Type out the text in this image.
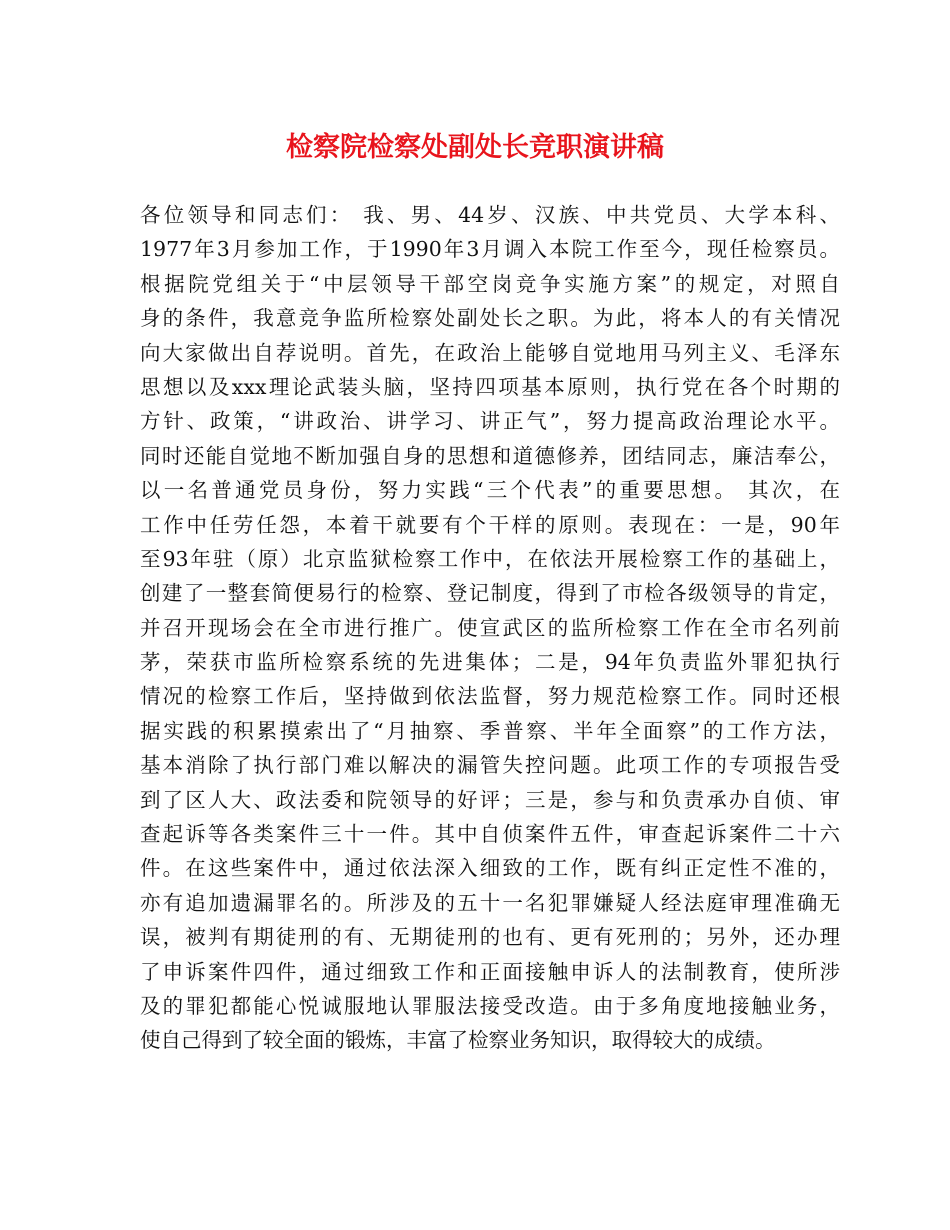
检察院检察处副处长竞职演讲稿
各位领导和同志们： 我、男、44岁、汉族、中共党员、大学本科、
1977年3月参加工作，于1990年3月调入本院工作至今，现任检察员。
根据院党组关于“中层领导干部空岗竞争实施方案”的规定，对照自
身的条件，我意竞争监所检察处副处长之职。为此，将本人的有关情况
向大家做出自荐说明。首先，在政治上能够自觉地用马列主义、毛泽东
思想以及xxx理论武装头脑，坚持四项基本原则，执行党在各个时期的
方针、政策，“讲政治、讲学习、讲正气”，努力提高政治理论水平。
同时还能自觉地不断加强自身的思想和道德修养，团结同志，廉洁奉公，
以一名普通党员身份，努力实践“三个代表”的重要思想。 其次，在
工作中任劳任怨，本着干就要有个干样的原则。表现在：一是，90年
至93年驻（原）北京监狱检察工作中，在依法开展检察工作的基础上，
创建了一整套简便易行的检察、登记制度，得到了市检各级领导的肯定，
并召开现场会在全市进行推广。使宣武区的监所检察工作在全市名列前
茅，荣获市监所检察系统的先进集体；二是，94年负责监外罪犯执行
情况的检察工作后，坚持做到依法监督，努力规范检察工作。同时还根
据实践的积累摸索出了“月抽察、季普察、半年全面察”的工作方法，
基本消除了执行部门难以解决的漏管失控问题。此项工作的专项报告受
到了区人大、政法委和院领导的好评；三是，参与和负责承办自侦、审
查起诉等各类案件三十一件。其中自侦案件五件，审查起诉案件二十六
件。在这些案件中，通过依法深入细致的工作，既有纠正定性不准的，
亦有追加遗漏罪名的。所涉及的五十一名犯罪嫌疑人经法庭审理准确无
误，被判有期徒刑的有、无期徒刑的也有、更有死刑的；另外，还办理
了申诉案件四件，通过细致工作和正面接触申诉人的法制教育，使所涉
及的罪犯都能心悦诚服地认罪服法接受改造。由于多角度地接触业务，
使自己得到了较全面的锻炼，丰富了检察业务知识，取得较大的成绩。
